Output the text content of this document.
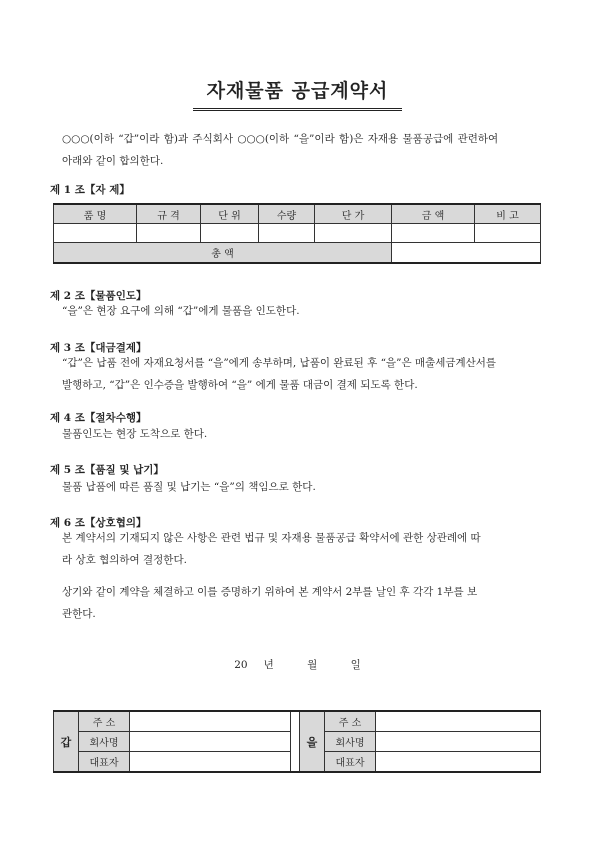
자재물품 공급계약서
○○○(이하 “갑”이라 함)과 주식회사 ○○○(이하 “을”이라 함)은 자재용 물품공급에 관련하여
아래와 같이 합의한다.
제 1 조【자 제】
품 명	규 격	단 위	수량	단 가	금 액	비 고

총 액						
제 2 조【물품인도】
“을”은 현장 요구에 의해 “갑”에게 물품을 인도한다.
제 3 조【대금결제】
“갑”은 납품 전에 자재요청서를 “을”에게 송부하며, 납품이 완료된 후 “을”은 매출세금계산서를
발행하고, “갑”은 인수증을 발행하여 “을” 에게 물품 대금이 결제 되도록 한다.
제 4 조【절차수행】
물품인도는 현장 도착으로 한다.
제 5 조【품질 및 납기】
물품 납품에 따른 품질 및 납기는 “을”의 책임으로 한다.
제 6 조【상호협의】
본 계약서의 기재되지 않은 사항은 관련 법규 및 자재용 물품공급 확약서에 관한 상관례에 따
라 상호 협의하여 결정한다.
상기와 같이 계약을 체결하고 이를 증명하기 위하여 본 계약서 2부를 날인 후 각각 1부를 보
관한다.
20 년	월	일
갑	주 소			을	주 소	
	회사명				회사명	
	대표자				대표자	
